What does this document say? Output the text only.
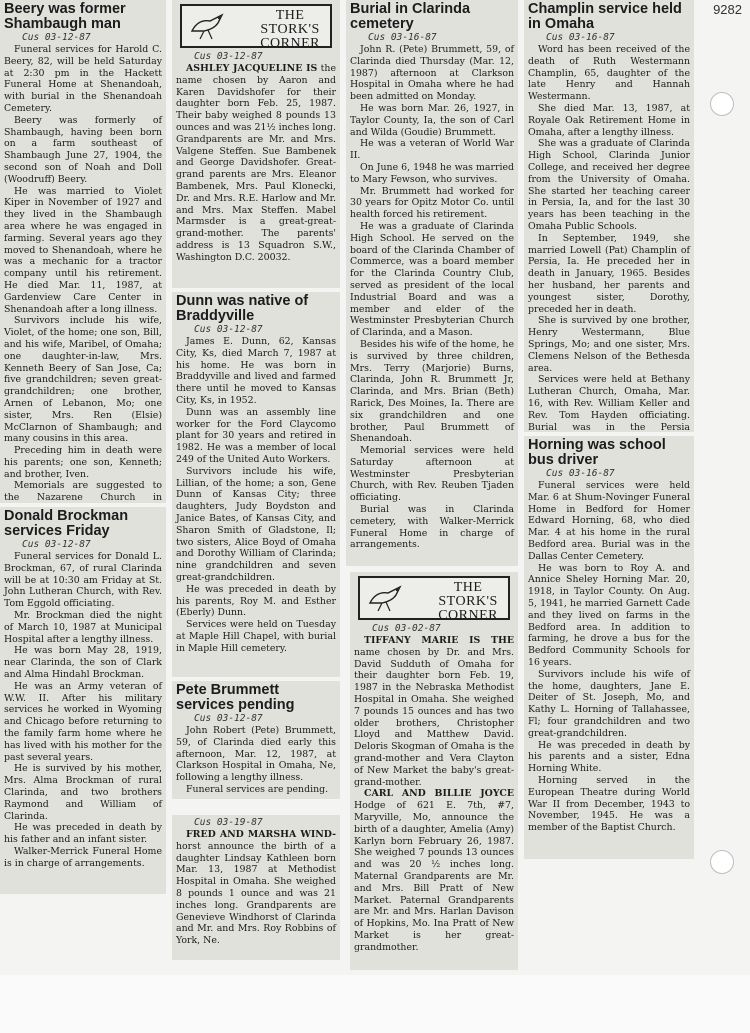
9282
Beery was former Shambaugh man
Cus 03-12-87

Funeral services for Harold C. Beery, 82, will be held Saturday at 2:30 pm in the Hackett Funeral Home at Shenandoah, with burial in the Shenandoah Cemetery.

Beery was formerly of Shambaugh, having been born on a farm southeast of Shambaugh June 27, 1904, the second son of Noah and Doll (Woodruff) Beery.

He was married to Violet Kiper in November of 1927 and they lived in the Shambaugh area where he was engaged in farming. Several years ago they moved to Shenandoah, where he was a mechanic for a tractor company until his retirement. He died Mar. 11, 1987, at Gardenview Care Center in Shenandoah after a long illness.

Survivors include his wife, Violet, of the home; one son, Bill, and his wife, Maribel, of Omaha; one daughter-in-law, Mrs. Kenneth Beery of San Jose, Ca; five grandchildren; seven great-grandchildren; one brother, Arnen of Lebanon, Mo; one sister, Mrs. Ren (Elsie) McClarnon of Shambaugh; and many cousins in this area.

Preceding him in death were his parents; one son, Kenneth; and brother, Iven.

Memorials are suggested to the Nazarene Church in

Donald Brockman services Friday
Cus 03-12-87

Funeral services for Donald L. Brockman, 67, of rural Clarinda will be at 10:30 am Friday at St. John Lutheran Church, with Rev. Tom Eggold officiating.

Mr. Brockman died the night of March 10, 1987 at Municipal Hospital after a lengthy illness.

He was born May 28, 1919, near Clarinda, the son of Clark and Alma Hindahl Brockman.

He was an Army veteran of W.W. II. After his military services he worked in Wyoming and Chicago before returning to the family farm home where he has lived with his mother for the past several years.

He is survived by his mother, Mrs. Alma Brockman of rural Clarinda, and two brothers Raymond and William of Clarinda.

He was preceded in death by his father and an infant sister.

Walker-Merrick Funeral Home is in charge of arrangements.

THE
STORK'S
CORNER
Cus 03-12-87

ASHLEY JACQUELINE IS the name chosen by Aaron and Karen Davidshofer for their daughter born Feb. 25, 1987. Their baby weighed 8 pounds 13 ounces and was 21½ inches long. Grandparents are Mr. and Mrs. Valgene Steffen. Sue Bambenek and George Davidshofer. Great-grand parents are Mrs. Eleanor Bambenek, Mrs. Paul Klonecki, Dr. and Mrs. R.E. Harlow and Mr. and Mrs. Max Steffen. Mabel Marmsder is a great-great-grand-mother. The parents' address is 13 Squadron S.W., Washington D.C. 20032.

Dunn was native of Braddyville
Cus 03-12-87

James E. Dunn, 62, Kansas City, Ks, died March 7, 1987 at his home. He was born in Braddyville and lived and farmed there until he moved to Kansas City, Ks, in 1952.

Dunn was an assembly line worker for the Ford Claycomo plant for 30 years and retired in 1982. He was a member of local 249 of the United Auto Workers.

Survivors include his wife, Lillian, of the home; a son, Gene Dunn of Kansas City; three daughters, Judy Boydston and Janice Bates, of Kansas City, and Sharon Smith of Gladstone, Il; two sisters, Alice Boyd of Omaha and Dorothy William of Clarinda; nine grandchildren and seven great-grandchildren.

He was preceded in death by his parents, Roy M. and Esther (Eberly) Dunn.

Services were held on Tuesday at Maple Hill Chapel, with burial in Maple Hill cemetery.

Pete Brummett services pending
Cus 03-12-87

John Robert (Pete) Brummett, 59, of Clarinda died early this afternoon, Mar. 12, 1987, at Clarkson Hospital in Omaha, Ne, following a lengthy illness.

Funeral services are pending.

Cus 03-19-87

FRED AND MARSHA WIND- horst announce the birth of a daughter Lindsay Kathleen born Mar. 13, 1987 at Methodist Hospital in Omaha. She weighed 8 pounds 1 ounce and was 21 inches long. Grandparents are Genevieve Windhorst of Clarinda and Mr. and Mrs. Roy Robbins of York, Ne.

Burial in Clarinda cemetery
Cus 03-16-87

John R. (Pete) Brummett, 59, of Clarinda died Thursday (Mar. 12, 1987) afternoon at Clarkson Hospital in Omaha where he had been admitted on Monday.

He was born Mar. 26, 1927, in Taylor County, Ia, the son of Carl and Wilda (Goudie) Brummett.

He was a veteran of World War II.

On June 6, 1948 he was married to Mary Fewson, who survives.

Mr. Brummett had worked for 30 years for Opitz Motor Co. until health forced his retirement.

He was a graduate of Clarinda High School. He served on the board of the Clarinda Chamber of Commerce, was a board member for the Clarinda Country Club, served as president of the local Industrial Board and was a member and elder of the Westminster Presbyterian Church of Clarinda, and a Mason.

Besides his wife of the home, he is survived by three children, Mrs. Terry (Marjorie) Burns, Clarinda, John R. Brummett Jr, Clarinda, and Mrs. Brian (Beth) Rarick, Des Moines, Ia. There are six grandchildren and one brother, Paul Brummett of Shenandoah.

Memorial services were held Saturday afternoon at Westminster Presbyterian Church, with Rev. Reuben Tjaden officiating.

Burial was in Clarinda cemetery, with Walker-Merrick Funeral Home in charge of arrangements.

THE
STORK'S
CORNER
Cus 03-02-87

TIFFANY MARIE IS THE name chosen by Dr. and Mrs. David Sudduth of Omaha for their daughter born Feb. 19, 1987 in the Nebraska Methodist Hospital in Omaha. She weighed 7 pounds 15 ounces and has two older brothers, Christopher Lloyd and Matthew David. Deloris Skogman of Omaha is the grand-mother and Vera Clayton of New Market the baby's great-grand-mother.

CARL AND BILLIE JOYCE Hodge of 621 E. 7th, #7, Maryville, Mo, announce the birth of a daughter, Amelia (Amy) Karlyn born February 26, 1987. She weighed 7 pounds 13 ounces and was 20 ½ inches long. Maternal Grandparents are Mr. and Mrs. Bill Pratt of New Market. Paternal Grandparents are Mr. and Mrs. Harlan Davison of Hopkins, Mo. Ina Pratt of New Market is her great-grandmother.

Champlin service held in Omaha
Cus 03-16-87

Word has been received of the death of Ruth Westermann Champlin, 65, daughter of the late Henry and Hannah Westermann.

She died Mar. 13, 1987, at Royale Oak Retirement Home in Omaha, after a lengthy illness.

She was a graduate of Clarinda High School, Clarinda Junior College, and received her degree from the University of Omaha. She started her teaching career in Persia, Ia, and for the last 30 years has been teaching in the Omaha Public Schools.

In September, 1949, she married Lowell (Pat) Champlin of Persia, Ia. He preceded her in death in January, 1965. Besides her husband, her parents and youngest sister, Dorothy, preceded her in death.

She is survived by one brother, Henry Westermann, Blue Springs, Mo; and one sister, Mrs. Clemens Nelson of the Bethesda area.

Services were held at Bethany Lutheran Church, Omaha, Mar. 16, with Rev. William Keller and Rev. Tom Hayden officiating. Burial was in the Persia

Horning was school bus driver
Cus 03-16-87

Funeral services were held Mar. 6 at Shum-Novinger Funeral Home in Bedford for Homer Edward Horning, 68, who died Mar. 4 at his home in the rural Bedford area. Burial was in the Dallas Center Cemetery.

He was born to Roy A. and Annice Sheley Horning Mar. 20, 1918, in Taylor County. On Aug. 5, 1941, he married Garnett Cade and they lived on farms in the Bedford area. In addition to farming, he drove a bus for the Bedford Community Schools for 16 years.

Survivors include his wife of the home, daughters, Jane E. Deiter of St. Joseph, Mo, and Kathy L. Horning of Tallahassee, Fl; four grandchildren and two great-grandchildren.

He was preceded in death by his parents and a sister, Edna Horning White.

Horning served in the European Theatre during World War II from December, 1943 to November, 1945. He was a member of the Baptist Church.
